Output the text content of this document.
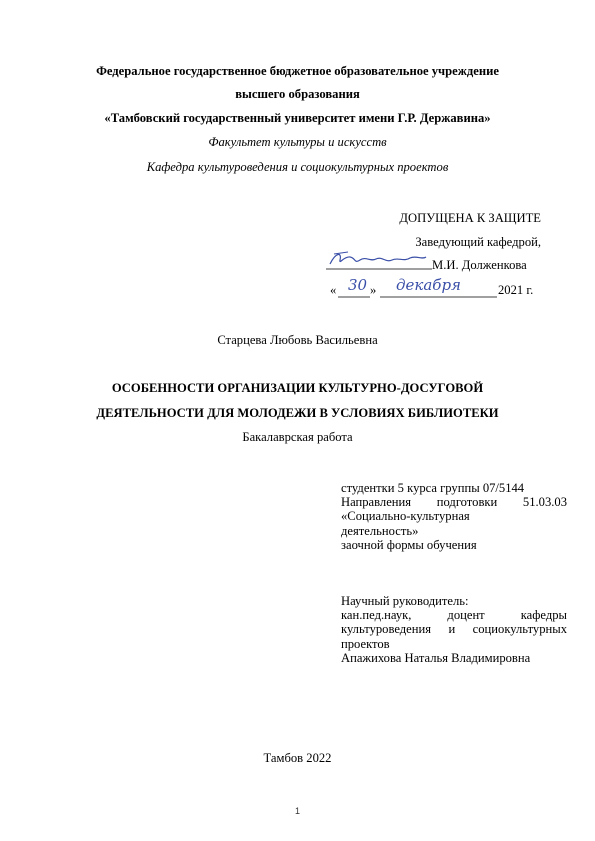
Федеральное государственное бюджетное образовательное учреждение
высшего образования
«Тамбовский государственный университет имени Г.Р. Державина»
Факультет культуры и искусств
Кафедра культуроведения и социокультурных проектов
ДОПУЩЕНА К ЗАЩИТЕ
Заведующий кафедрой,
М.И. Долженкова
« 30 » декабря	2021 г.
Старцева Любовь Васильевна
ОСОБЕННОСТИ ОРГАНИЗАЦИИ КУЛЬТУРНО-ДОСУГОВОЙ
ДЕЯТЕЛЬНОСТИ ДЛЯ МОЛОДЕЖИ В УСЛОВИЯХ БИБЛИОТЕКИ
Бакалаврская работа
студентки 5 курса группы 07/5144
Направления подготовки 51.03.03
«Социально-культурная
деятельность»
заочной формы обучения
Научный руководитель:
кан.пед.наук, доцент кафедры
культуроведения и социокультурных
проектов
Апажихова Наталья Владимировна
Тамбов 2022
1
